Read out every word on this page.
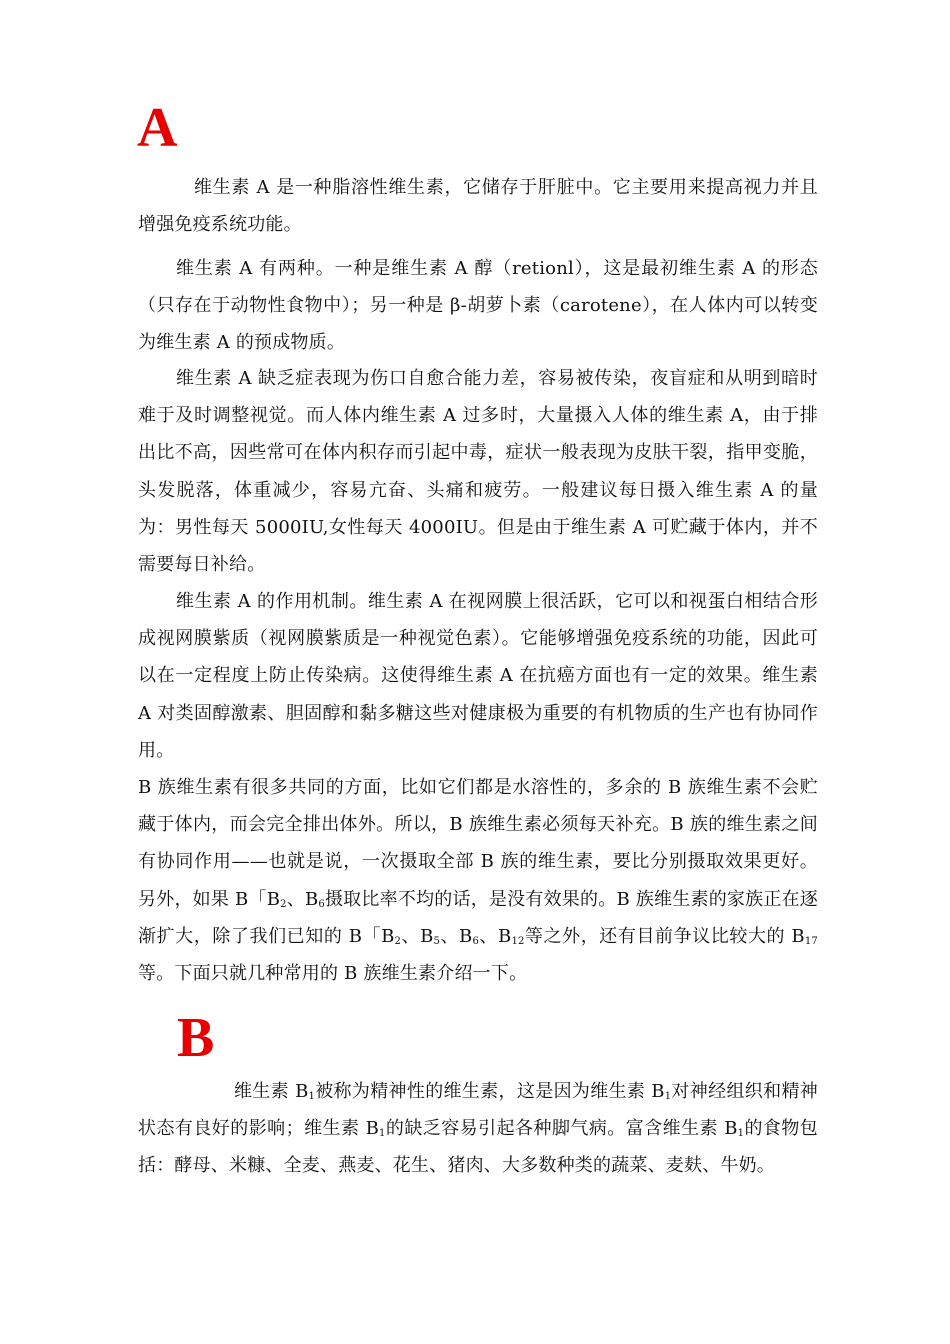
A

维生素 A 是一种脂溶性维生素，它储存于肝脏中。它主要用来提高视力并且增强免疫系统功能。

维生素 A 有两种。一种是维生素 A 醇（retionl），这是最初维生素 A 的形态（只存在于动物性食物中）；另一种是 β-胡萝卜素（carotene），在人体内可以转变为维生素 A 的预成物质。

维生素 A 缺乏症表现为伤口自愈合能力差，容易被传染，夜盲症和从明到暗时难于及时调整视觉。而人体内维生素 A 过多时，大量摄入人体的维生素 A，由于排出比不高，因些常可在体内积存而引起中毒，症状一般表现为皮肤干裂，指甲变脆，头发脱落，体重减少，容易亢奋、头痛和疲劳。一般建议每日摄入维生素 A 的量为：男性每天 5000IU,女性每天 4000IU。但是由于维生素 A 可贮藏于体内，并不需要每日补给。

维生素 A 的作用机制。维生素 A 在视网膜上很活跃，它可以和视蛋白相结合形成视网膜紫质（视网膜紫质是一种视觉色素）。它能够增强免疫系统的功能，因此可以在一定程度上防止传染病。这使得维生素 A 在抗癌方面也有一定的效果。维生素 A 对类固醇激素、胆固醇和黏多糖这些对健康极为重要的有机物质的生产也有协同作用。

B 族维生素有很多共同的方面，比如它们都是水溶性的，多余的 B 族维生素不会贮藏于体内，而会完全排出体外。所以，B 族维生素必须每天补充。B 族的维生素之间有协同作用——也就是说，一次摄取全部 B 族的维生素，要比分别摄取效果更好。另外，如果 B「$B_2$、$B_6$摄取比率不均的话，是没有效果的。B 族维生素的家族正在逐渐扩大，除了我们已知的 B「$B_2$、$B_5$、$B_6$、$B_{12}$等之外，还有目前争议比较大的 $B_{17}$等。下面只就几种常用的 B 族维生素介绍一下。

B

维生素 $B_1$被称为精神性的维生素，这是因为维生素 $B_1$对神经组织和精神状态有良好的影响；维生素 $B_1$的缺乏容易引起各种脚气病。富含维生素 $B_1$的食物包括：酵母、米糠、全麦、燕麦、花生、猪肉、大多数种类的蔬菜、麦麸、牛奶。
